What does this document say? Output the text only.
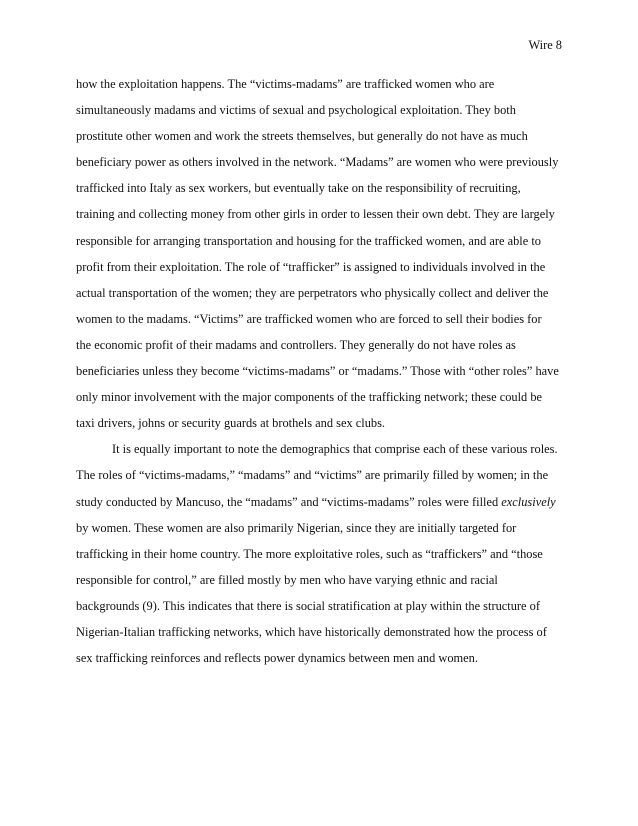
Wire 8
how the exploitation happens. The “victims-madams” are trafficked women who are
simultaneously madams and victims of sexual and psychological exploitation. They both
prostitute other women and work the streets themselves, but generally do not have as much
beneficiary power as others involved in the network. “Madams” are women who were previously
trafficked into Italy as sex workers, but eventually take on the responsibility of recruiting,
training and collecting money from other girls in order to lessen their own debt. They are largely
responsible for arranging transportation and housing for the trafficked women, and are able to
profit from their exploitation. The role of “trafficker” is assigned to individuals involved in the
actual transportation of the women; they are perpetrators who physically collect and deliver the
women to the madams. “Victims” are trafficked women who are forced to sell their bodies for
the economic profit of their madams and controllers. They generally do not have roles as
beneficiaries unless they become “victims-madams” or “madams.” Those with “other roles” have
only minor involvement with the major components of the trafficking network; these could be
taxi drivers, johns or security guards at brothels and sex clubs.
It is equally important to note the demographics that comprise each of these various roles.
The roles of “victims-madams,” “madams” and “victims” are primarily filled by women; in the
study conducted by Mancuso, the “madams” and “victims-madams” roles were filled exclusively
by women. These women are also primarily Nigerian, since they are initially targeted for
trafficking in their home country. The more exploitative roles, such as “traffickers” and “those
responsible for control,” are filled mostly by men who have varying ethnic and racial
backgrounds (9). This indicates that there is social stratification at play within the structure of
Nigerian-Italian trafficking networks, which have historically demonstrated how the process of
sex trafficking reinforces and reflects power dynamics between men and women.
